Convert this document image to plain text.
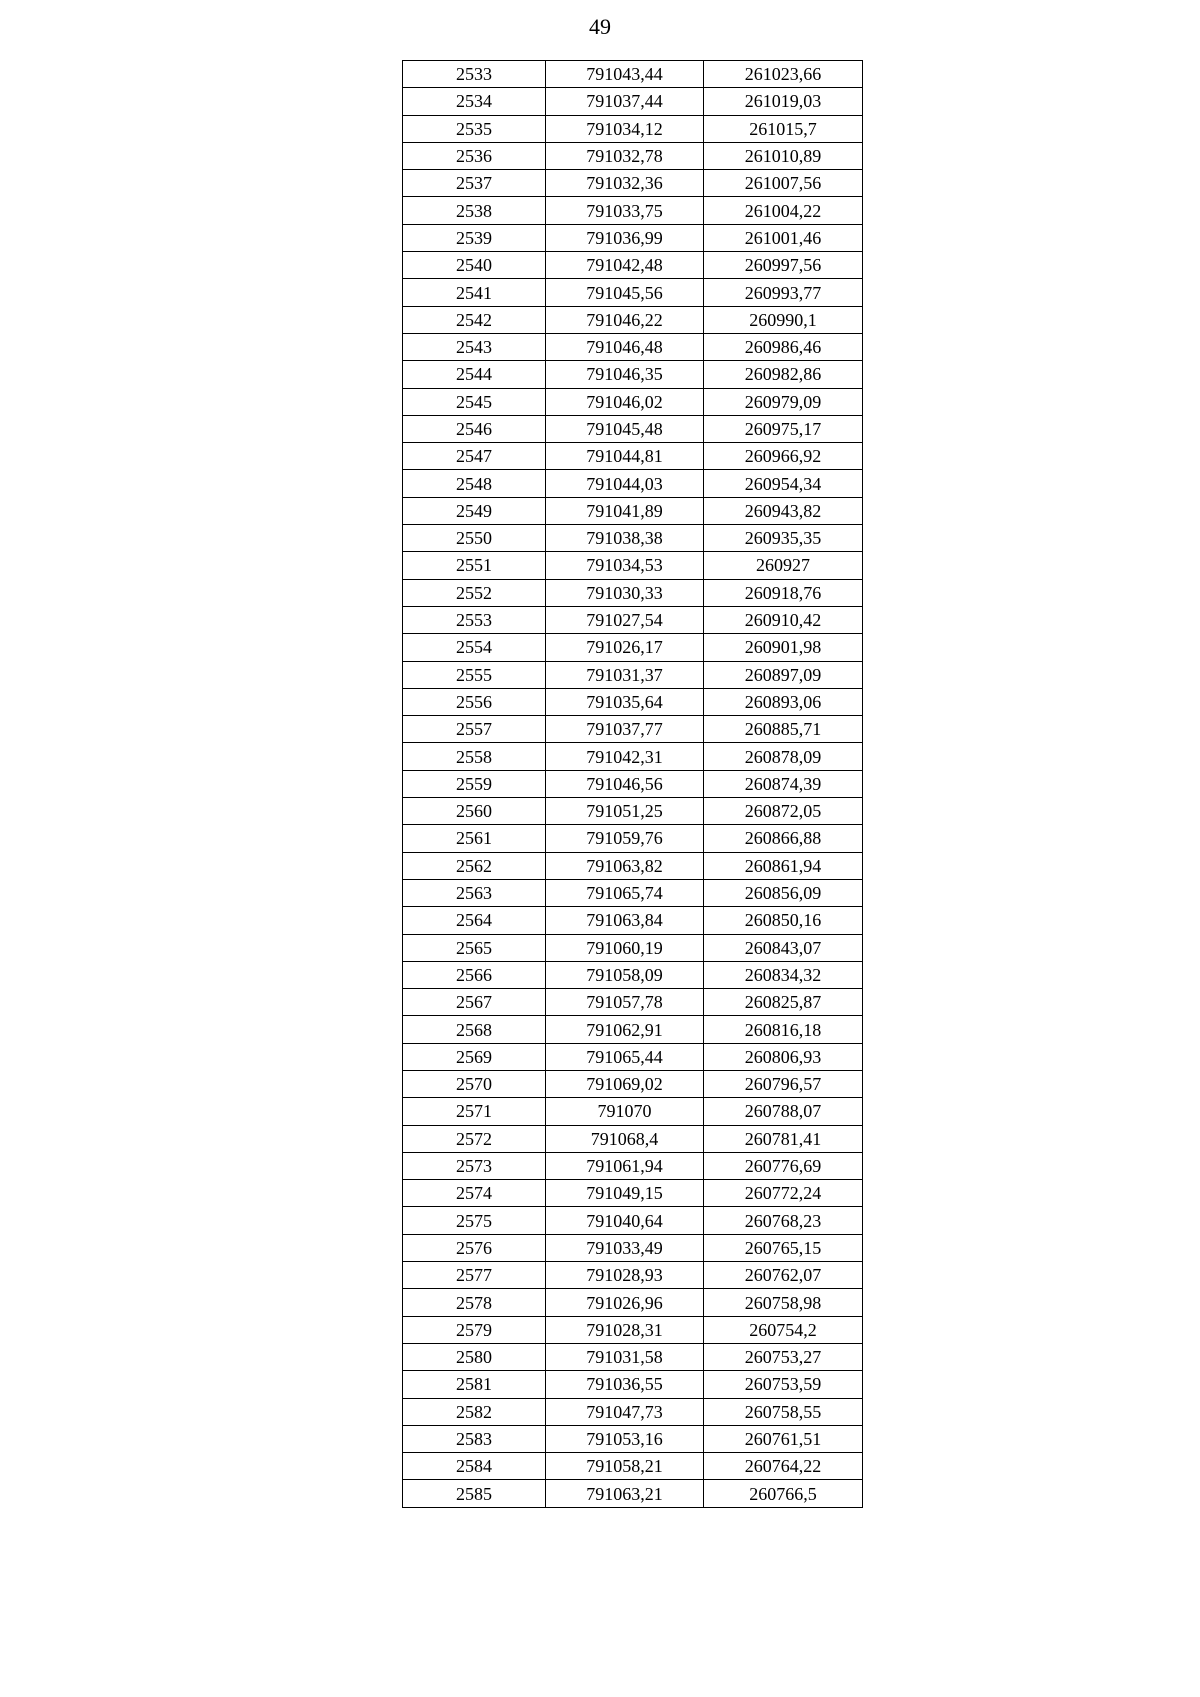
49
2533	791043,44	261023,66
2534	791037,44	261019,03
2535	791034,12	261015,7
2536	791032,78	261010,89
2537	791032,36	261007,56
2538	791033,75	261004,22
2539	791036,99	261001,46
2540	791042,48	260997,56
2541	791045,56	260993,77
2542	791046,22	260990,1
2543	791046,48	260986,46
2544	791046,35	260982,86
2545	791046,02	260979,09
2546	791045,48	260975,17
2547	791044,81	260966,92
2548	791044,03	260954,34
2549	791041,89	260943,82
2550	791038,38	260935,35
2551	791034,53	260927
2552	791030,33	260918,76
2553	791027,54	260910,42
2554	791026,17	260901,98
2555	791031,37	260897,09
2556	791035,64	260893,06
2557	791037,77	260885,71
2558	791042,31	260878,09
2559	791046,56	260874,39
2560	791051,25	260872,05
2561	791059,76	260866,88
2562	791063,82	260861,94
2563	791065,74	260856,09
2564	791063,84	260850,16
2565	791060,19	260843,07
2566	791058,09	260834,32
2567	791057,78	260825,87
2568	791062,91	260816,18
2569	791065,44	260806,93
2570	791069,02	260796,57
2571	791070	260788,07
2572	791068,4	260781,41
2573	791061,94	260776,69
2574	791049,15	260772,24
2575	791040,64	260768,23
2576	791033,49	260765,15
2577	791028,93	260762,07
2578	791026,96	260758,98
2579	791028,31	260754,2
2580	791031,58	260753,27
2581	791036,55	260753,59
2582	791047,73	260758,55
2583	791053,16	260761,51
2584	791058,21	260764,22
2585	791063,21	260766,5
